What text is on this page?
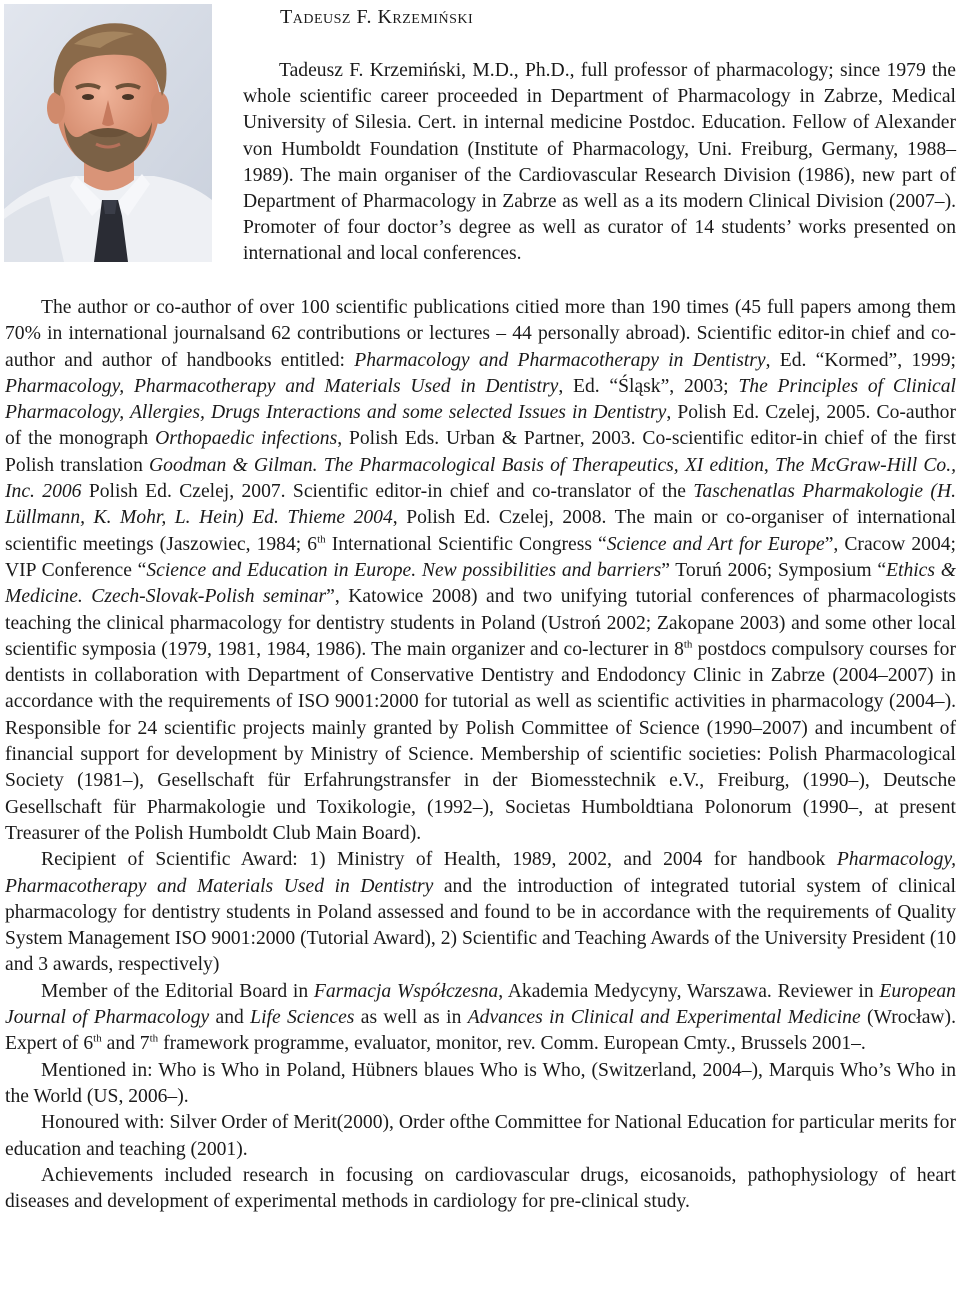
Tadeusz F. Krzemiński
Tadeusz F. Krzemiński, M.D., Ph.D., full professor of pharmacology; since 1979 the whole scientific career proceeded in Department of Pharmacology in Zabrze, Medical University of Silesia. Cert. in internal medicine Postdoc. Education. Fellow of Alexander von Humboldt Foundation (Institute of Pharmacology, Uni. Freiburg, Germany, 1988–1989). The main organiser of the Cardiovascular Research Division (1986), new part of Department of Pharmacology in Zabrze as well as a its modern Clinical Division (2007–). Promoter of four doctor’s degree as well as curator of 14 students’ works presented on international and local conferences.

The author or co-author of over 100 scientific publications citied more than 190 times (45 full papers among them 70% in international journalsand 62 contributions or lectures – 44 personally abroad). Scientific editor-in chief and co-author and author of handbooks entitled: Pharmacology and Pharmacotherapy in Dentistry, Ed. “Kormed”, 1999; Pharmacology, Pharmacotherapy and Materials Used in Dentistry, Ed. “Śląsk”, 2003; The Principles of Clinical Pharmacology, Allergies, Drugs Interactions and some selected Issues in Dentistry, Polish Ed. Czelej, 2005. Co-author of the monograph Orthopaedic infections, Polish Eds. Urban & Partner, 2003. Co-scientific editor-in chief of the first Polish translation Goodman & Gilman. The Pharmacological Basis of Therapeutics, XI edition, The McGraw-Hill Co., Inc. 2006 Polish Ed. Czelej, 2007. Scientific editor-in chief and co-translator of the Taschenatlas Pharmakologie (H. Lüllmann, K. Mohr, L. Hein) Ed. Thieme 2004, Polish Ed. Czelej, 2008. The main or co-organiser of international scientific meetings (Jaszowiec, 1984; 6th International Scientific Congress “Science and Art for Europe”, Cracow 2004; VIP Conference “Science and Education in Europe. New possibilities and barriers” Toruń 2006; Symposium “Ethics & Medicine. Czech-Slovak-Polish seminar”, Katowice 2008) and two unifying tutorial conferences of pharmacologists teaching the clinical pharmacology for dentistry students in Poland (Ustroń 2002; Zakopane 2003) and some other local scientific symposia (1979, 1981, 1984, 1986). The main organizer and co-lecturer in 8th postdocs compulsory courses for dentists in collaboration with Department of Conservative Dentistry and Endodoncy Clinic in Zabrze (2004–2007) in accordance with the requirements of ISO 9001:2000 for tutorial as well as scientific activities in pharmacology (2004–). Responsible for 24 scientific projects mainly granted by Polish Committee of Science (1990–2007) and incumbent of financial support for development by Ministry of Science. Membership of scientific societies: Polish Pharmacological Society (1981–), Gesellschaft für Erfahrungstransfer in der Biomesstechnik e.V., Freiburg, (1990–), Deutsche Gesellschaft für Pharmakologie und Toxikologie, (1992–), Societas Humboldtiana Polonorum (1990–, at present Treasurer of the Polish Humboldt Club Main Board).

Recipient of Scientific Award: 1) Ministry of Health, 1989, 2002, and 2004 for handbook Pharmacology, Pharmacotherapy and Materials Used in Dentistry and the introduction of integrated tutorial system of clinical pharmacology for dentistry students in Poland assessed and found to be in accordance with the requirements of Quality System Management ISO 9001:2000 (Tutorial Award), 2) Scientific and Teaching Awards of the University President (10 and 3 awards, respectively)

Member of the Editorial Board in Farmacja Współczesna, Akademia Medycyny, Warszawa. Reviewer in European Journal of Pharmacology and Life Sciences as well as in Advances in Clinical and Experimental Medicine (Wrocław). Expert of 6th and 7th framework programme, evaluator, monitor, rev. Comm. European Cmty., Brussels 2001–.

Mentioned in: Who is Who in Poland, Hübners blaues Who is Who, (Switzerland, 2004–), Marquis Who’s Who in the World (US, 2006–).

Honoured with: Silver Order of Merit(2000), Order ofthe Committee for National Education for particular merits for education and teaching (2001).

Achievements included research in focusing on cardiovascular drugs, eicosanoids, pathophysiology of heart diseases and development of experimental methods in cardiology for pre-clinical study.
